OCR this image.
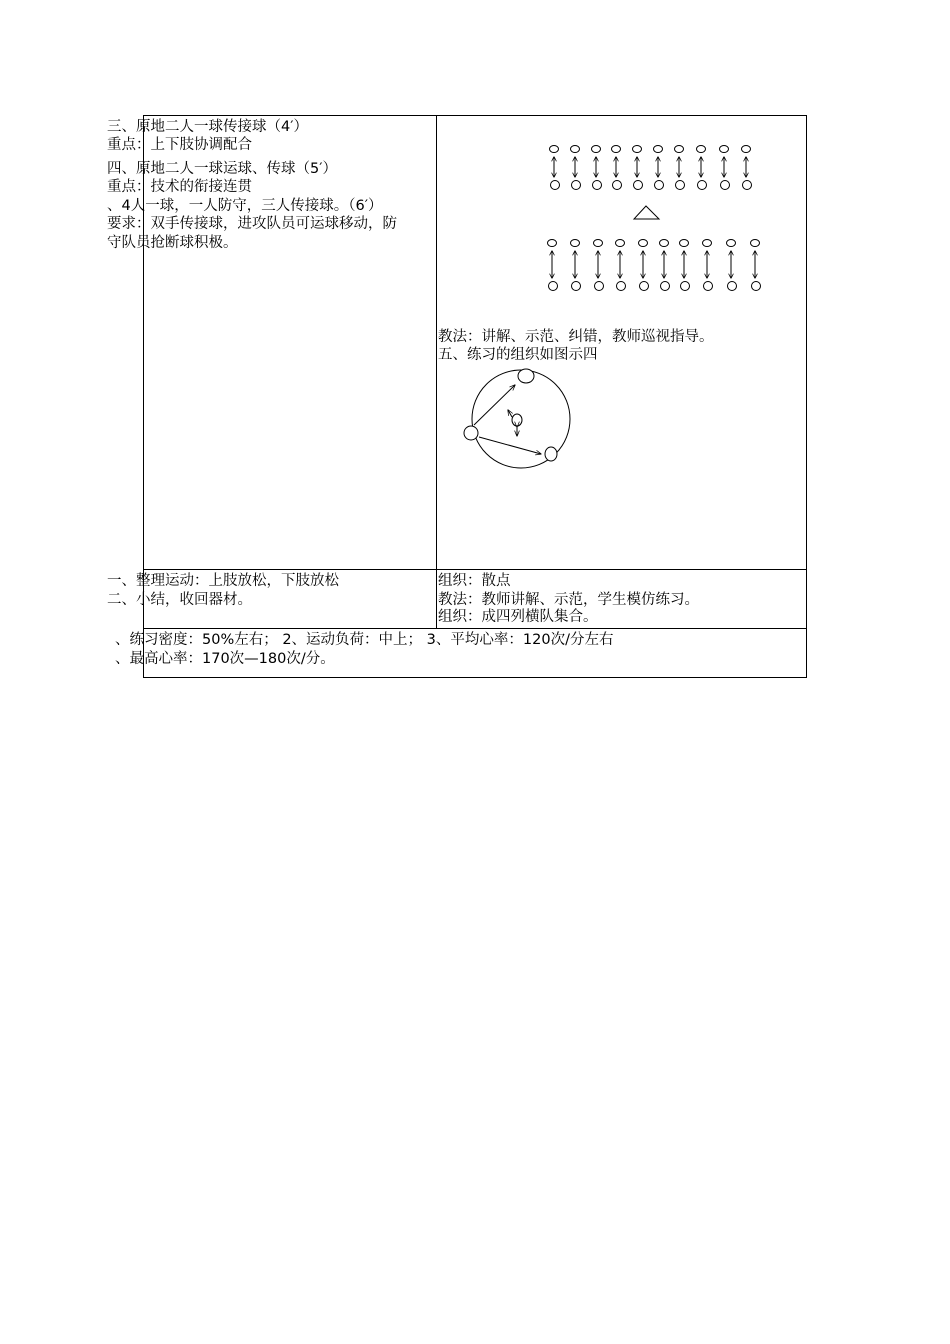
三、原地二人一球传接球（4′）
重点：上下肢协调配合
四、原地二人一球运球、传球（5′）
重点：技术的衔接连贯
、4人一球，一人防守，三人传接球。（6′）
要求：双手传接球，进攻队员可运球移动，防
守队员抢断球积极。
教法：讲解、示范、纠错，教师巡视指导。
五、练习的组织如图示四
一、整理运动：上肢放松，下肢放松
二、小结，收回器材。
组织：散点
教法：教师讲解、示范，学生模仿练习。
组织：成四列横队集合。
、练习密度：50%左右； 2、运动负荷：中上； 3、平均心率：120次/分左右
、最高心率：170次—180次/分。
